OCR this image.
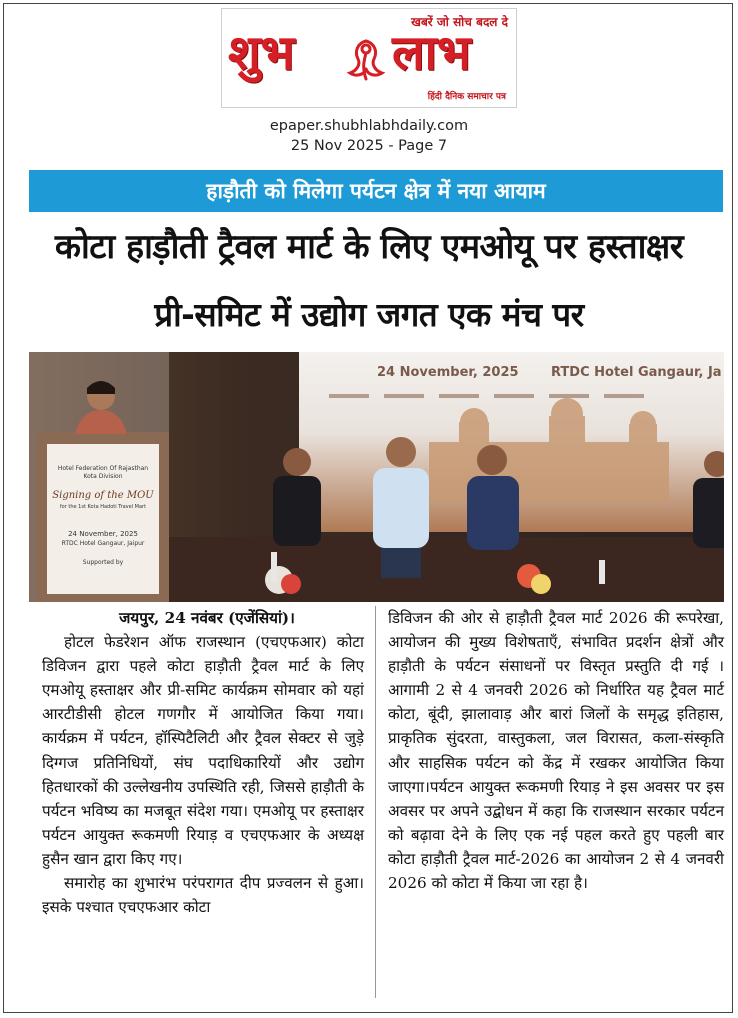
खबरें जो सोच बदल दे
शुभ लाभ
हिंदी दैनिक समाचार पत्र
epaper.shubhlabhdaily.com
25 Nov 2025 - Page 7
हाड़ौती को मिलेगा पर्यटन क्षेत्र में नया आयाम
कोटा हाड़ौती ट्रैवल मार्ट के लिए एमओयू पर हस्ताक्षर
प्री-समिट में उद्योग जगत एक मंच पर
24 November, 2025 RTDC Hotel Gangaur, Ja
Hotel Federation Of Rajasthan
Kota Division
Signing of the MOU
for the 1st Kota Hadoti Travel Mart
24 November, 2025
RTDC Hotel Gangaur, Jaipur
Supported by

जयपुर, 24 नवंबर (एजेंसियां)।

होटल फेडरेशन ऑफ राजस्थान (एचएफआर) कोटा डिविजन द्वारा पहले कोटा हाड़ौती ट्रैवल मार्ट के लिए एमओयू हस्ताक्षर और प्री-समिट कार्यक्रम सोमवार को यहां आरटीडीसी होटल गणगौर में आयोजित किया गया। कार्यक्रम में पर्यटन, हॉस्पिटैलिटी और ट्रैवल सेक्टर से जुड़े दिग्गज प्रतिनिधियों, संघ पदाधिकारियों और उद्योग हितधारकों की उल्लेखनीय उपस्थिति रही, जिससे हाड़ौती के पर्यटन भविष्य का मजबूत संदेश गया। एमओयू पर हस्ताक्षर पर्यटन आयुक्त रूकमणी रियाड़ व एचएफआर के अध्यक्ष हुसैन खान द्वारा किए गए।

समारोह का शुभारंभ परंपरागत दीप प्रज्वलन से हुआ। इसके पश्चात एचएफआर कोटा

डिविजन की ओर से हाड़ौती ट्रैवल मार्ट 2026 की रूपरेखा, आयोजन की मुख्य विशेषताएँ, संभावित प्रदर्शन क्षेत्रों और हाड़ौती के पर्यटन संसाधनों पर विस्तृत प्रस्तुति दी गई । आगामी 2 से 4 जनवरी 2026 को निर्धारित यह ट्रैवल मार्ट कोटा, बूंदी, झालावाड़ और बारां जिलों के समृद्ध इतिहास, प्राकृतिक सुंदरता, वास्तुकला, जल विरासत, कला-संस्कृति और साहसिक पर्यटन को केंद्र में रखकर आयोजित किया जाएगा।पर्यटन आयुक्त रूकमणी रियाड़ ने इस अवसर पर इस अवसर पर अपने उद्बोधन में कहा कि राजस्थान सरकार पर्यटन को बढ़ावा देने के लिए एक नई पहल करते हुए पहली बार कोटा हाड़ौती ट्रैवल मार्ट-2026 का आयोजन 2 से 4 जनवरी 2026 को कोटा में किया जा रहा है।
